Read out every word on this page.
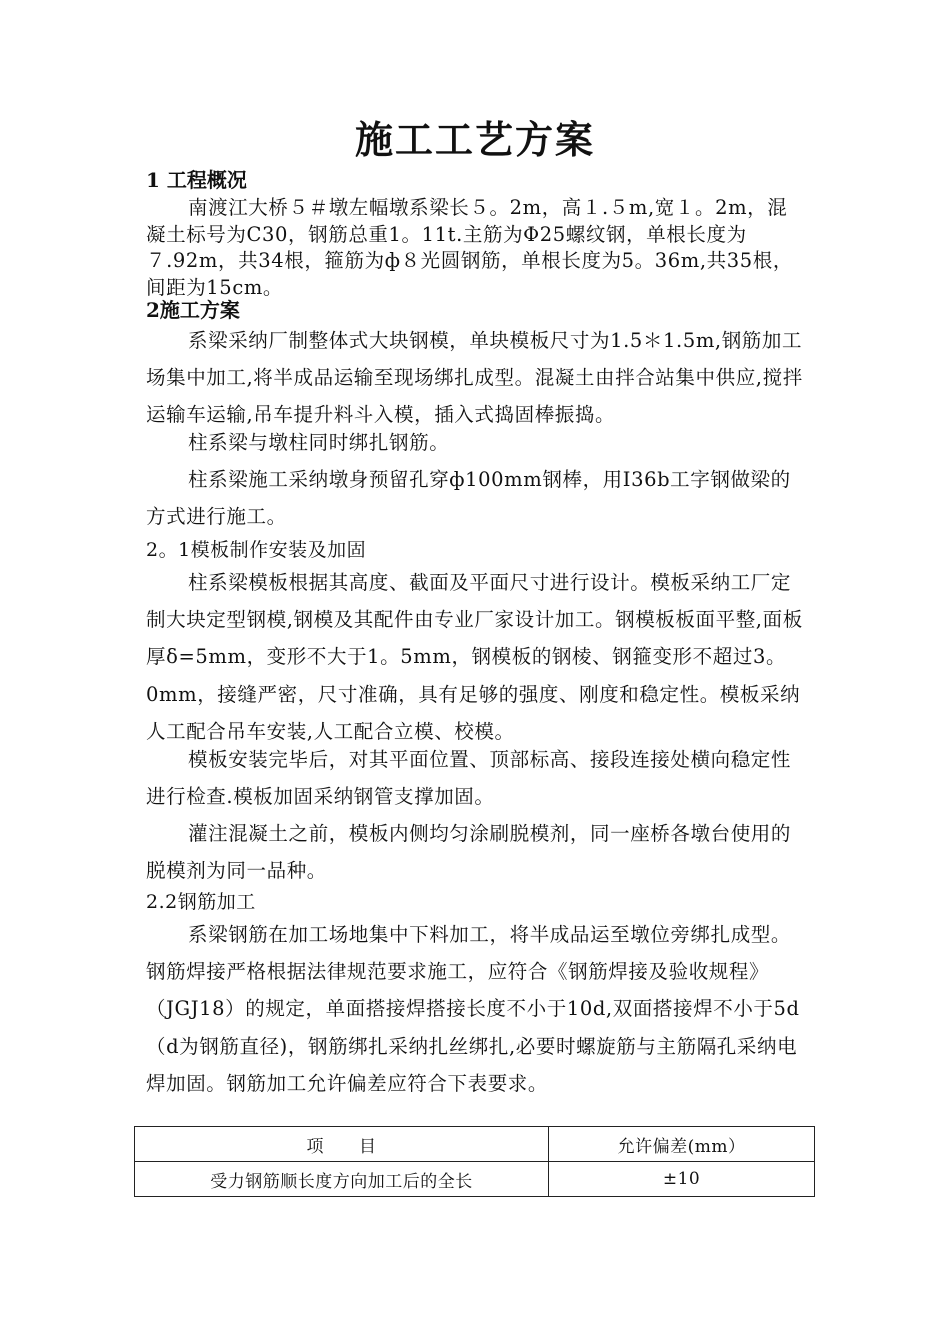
施工工艺方案
1 工程概况

南渡江大桥５＃墩左幅墩系梁长５。2m，高１.５m,宽１。2m，混凝土标号为C30，钢筋总重1。11t.主筋为Φ25螺纹钢，单根长度为７.92m，共34根，箍筋为ф８光圆钢筋，单根长度为5。36m,共35根，间距为15cm。

2施工方案

系梁采纳厂制整体式大块钢模，单块模板尺寸为1.5＊1.5m,钢筋加工场集中加工,将半成品运输至现场绑扎成型。混凝土由拌合站集中供应,搅拌运输车运输,吊车提升料斗入模，插入式捣固棒振捣。

柱系梁与墩柱同时绑扎钢筋。

柱系梁施工采纳墩身预留孔穿ф100mm钢棒，用I36b工字钢做梁的方式进行施工。

2。1模板制作安装及加固

柱系梁模板根据其高度、截面及平面尺寸进行设计。模板采纳工厂定制大块定型钢模,钢模及其配件由专业厂家设计加工。钢模板板面平整,面板厚δ=5mm，变形不大于1。5mm，钢模板的钢棱、钢箍变形不超过3。0mm，接缝严密，尺寸准确，具有足够的强度、刚度和稳定性。模板采纳人工配合吊车安装,人工配合立模、校模。

模板安装完毕后，对其平面位置、顶部标高、接段连接处横向稳定性进行检查.模板加固采纳钢管支撑加固。

灌注混凝土之前，模板内侧均匀涂刷脱模剂，同一座桥各墩台使用的脱模剂为同一品种。

2.2钢筋加工

系梁钢筋在加工场地集中下料加工，将半成品运至墩位旁绑扎成型。钢筋焊接严格根据法律规范要求施工，应符合《钢筋焊接及验收规程》（JGJ18）的规定，单面搭接焊搭接长度不小于10d,双面搭接焊不小于5d（d为钢筋直径)，钢筋绑扎采纳扎丝绑扎,必要时螺旋筋与主筋隔孔采纳电焊加固。钢筋加工允许偏差应符合下表要求。

项　　目	允许偏差(mm）
受力钢筋顺长度方向加工后的全长	±10
